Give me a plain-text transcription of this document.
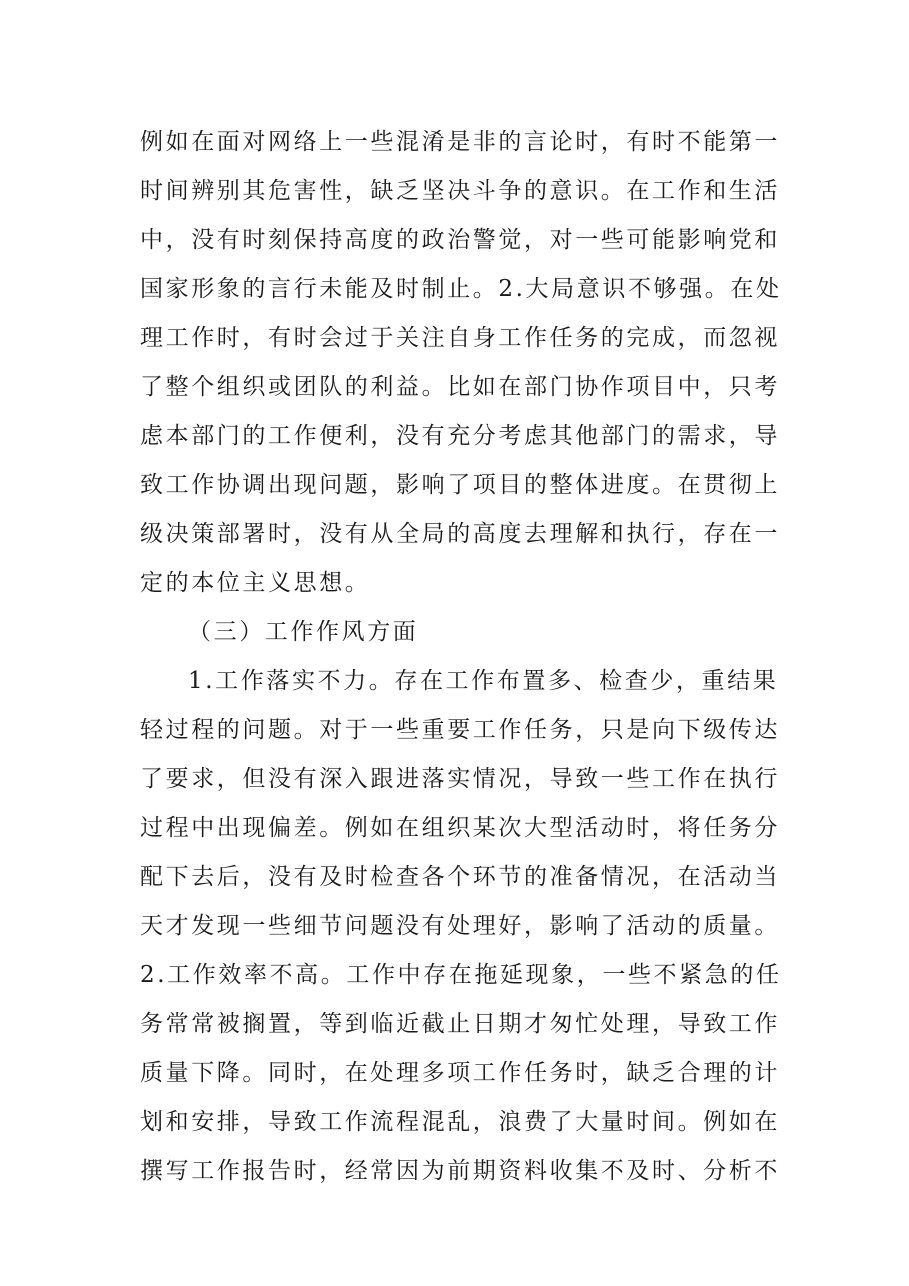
例如在面对网络上一些混淆是非的言论时，有时不能第一
时间辨别其危害性，缺乏坚决斗争的意识。在工作和生活
中，没有时刻保持高度的政治警觉，对一些可能影响党和
国家形象的言行未能及时制止。2.大局意识不够强。在处
理工作时，有时会过于关注自身工作任务的完成，而忽视
了整个组织或团队的利益。比如在部门协作项目中，只考
虑本部门的工作便利，没有充分考虑其他部门的需求，导
致工作协调出现问题，影响了项目的整体进度。在贯彻上
级决策部署时，没有从全局的高度去理解和执行，存在一
定的本位主义思想。
（三）工作作风方面
1.工作落实不力。存在工作布置多、检查少，重结果
轻过程的问题。对于一些重要工作任务，只是向下级传达
了要求，但没有深入跟进落实情况，导致一些工作在执行
过程中出现偏差。例如在组织某次大型活动时，将任务分
配下去后，没有及时检查各个环节的准备情况，在活动当
天才发现一些细节问题没有处理好，影响了活动的质量。
2.工作效率不高。工作中存在拖延现象，一些不紧急的任
务常常被搁置，等到临近截止日期才匆忙处理，导致工作
质量下降。同时，在处理多项工作任务时，缺乏合理的计
划和安排，导致工作流程混乱，浪费了大量时间。例如在
撰写工作报告时，经常因为前期资料收集不及时、分析不
